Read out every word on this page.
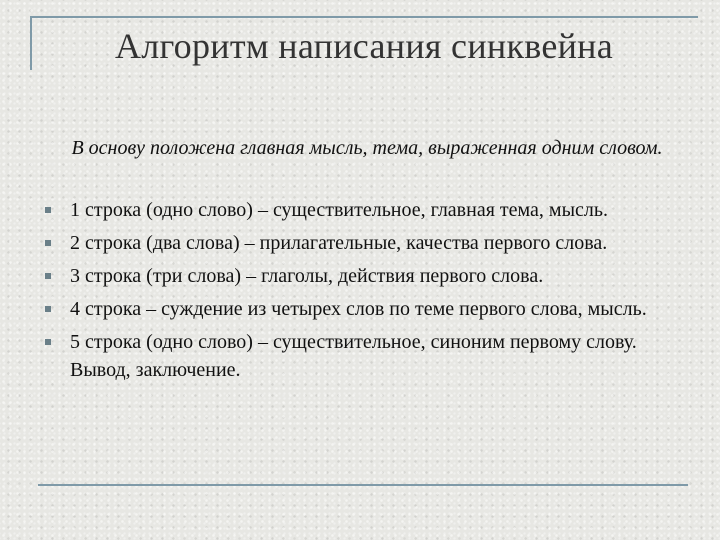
Алгоритм написания синквейна
В основу положена главная мысль, тема, выраженная одним словом.
1 строка (одно слово) – существительное, главная тема, мысль.
2 строка (два слова) – прилагательные, качества первого слова.
3 строка (три слова) – глаголы, действия первого слова.
4 строка – суждение из четырех слов по теме первого слова, мысль.
5 строка (одно слово) – существительное, синоним первому слову. Вывод, заключение.
